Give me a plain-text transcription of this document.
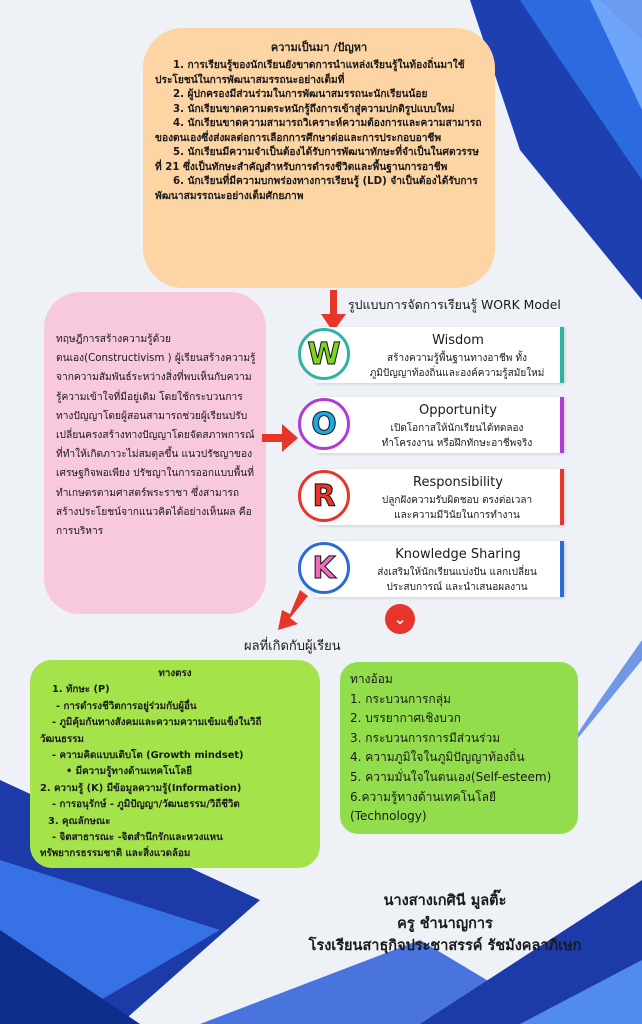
ความเป็นมา /ปัญหา
1. การเรียนรู้ของนักเรียนยังขาดการนำแหล่งเรียนรู้ในท้องถิ่นมาใช้ประโยชน์ในการพัฒนาสมรรถนะอย่างเต็มที่
2. ผู้ปกครองมีส่วนร่วมในการพัฒนาสมรรถนะนักเรียนน้อย
3. นักเรียนขาดความตระหนักรู้ถึงการเข้าสู่ความปกติรูปแบบใหม่
4. นักเรียนขาดความสามารถวิเคราะห์ความต้องการและความสามารถของตนเองซึ่งส่งผลต่อการเลือกการศึกษาต่อและการประกอบอาชีพ
5. นักเรียนมีความจำเป็นต้องได้รับการพัฒนาทักษะที่จำเป็นในศตวรรษที่ 21 ซึ่งเป็นทักษะสำคัญสำหรับการดำรงชีวิตและพื้นฐานการอาชีพ
6. นักเรียนที่มีความบกพร่องทางการเรียนรู้ (LD) จำเป็นต้องได้รับการพัฒนาสมรรถนะอย่างเต็มศักยภาพ
ทฤษฎีการสร้างความรู้ด้วยตนเอง(Constructivism ) ผู้เรียนสร้างความรู้จากความสัมพันธ์ระหว่างสิ่งที่พบเห็นกับความรู้ความเข้าใจที่มีอยู่เดิม โดยใช้กระบวนการทางปัญญาโดยผู้สอนสามารถช่วยผู้เรียนปรับเปลี่ยนครงสร้างทางปัญญาโดยจัดสภาพการณ์ที่ทำให้เกิดภาวะไม่สมดุลขึ้น แนวปรัชญาของเศรษฐกิจพอเพียง ปรัชญาในการออกแบบพื้นที่ทำเกษตรตามศาสตร์พระราชา ซึ่งสามารถสร้างประโยชน์จากแนวคิดได้อย่างเห็นผล คือการบริหาร
รูปแบบการจัดการเรียนรู้ WORK Model
W	Wisdom
สร้างความรู้พื้นฐานทางอาชีพ ทั้ง
ภูมิปัญญาท้องถิ่นและองค์ความรู้สมัยใหม่
O	Opportunity
เปิดโอกาสให้นักเรียนได้ทดลอง
ทำโครงงาน หรือฝึกทักษะอาชีพจริง
R	Responsibility
ปลูกฝังความรับผิดชอบ ตรงต่อเวลา
และความมีวินัยในการทำงาน
K	Knowledge Sharing
ส่งเสริมให้นักเรียนแบ่งปัน แลกเปลี่ยน
ประสบการณ์ และนำเสนอผลงาน
⌄
ผลที่เกิดกับผู้เรียน
ทางตรง
1. ทักษะ (P)
- การดำรงชีวิตการอยู่ร่วมกับผู้อื่น
- ภูมิคุ้มกันทางสังคมและความความเข้มแข็งในวิถี
วัฒนธรรม
- ความคิดแบบเติบโต (Growth mindset)
• มีความรู้ทางด้านเทคโนโลยี
2. ความรู้ (K) มีข้อมูลความรู้(Information)
- การอนุรักษ์ - ภูมิปัญญา/วัฒนธรรม/วิถีชีวิต
3. คุณลักษณะ
- จิตสาธารณะ -จิตสำนึกรักและหวงแหน
ทรัพยากรธรรมชาติ และสิ่งแวดล้อม
ทางอ้อม
1. กระบวนการกลุ่ม
2. บรรยากาศเชิงบวก
3. กระบวนการการมีส่วนร่วม
4. ความภูมิใจในภูมิปัญญาท้องถิ่น
5. ความมั่นใจในตนเอง(Self-esteem)
6.ความรู้ทางด้านเทคโนโลยี
(Technology)
นางสางเกศินี มูลติ๊ะ
ครู ชำนาญการ
โรงเรียนสาธุกิจประชาสรรค์ รัชมังคลาภิเษก
